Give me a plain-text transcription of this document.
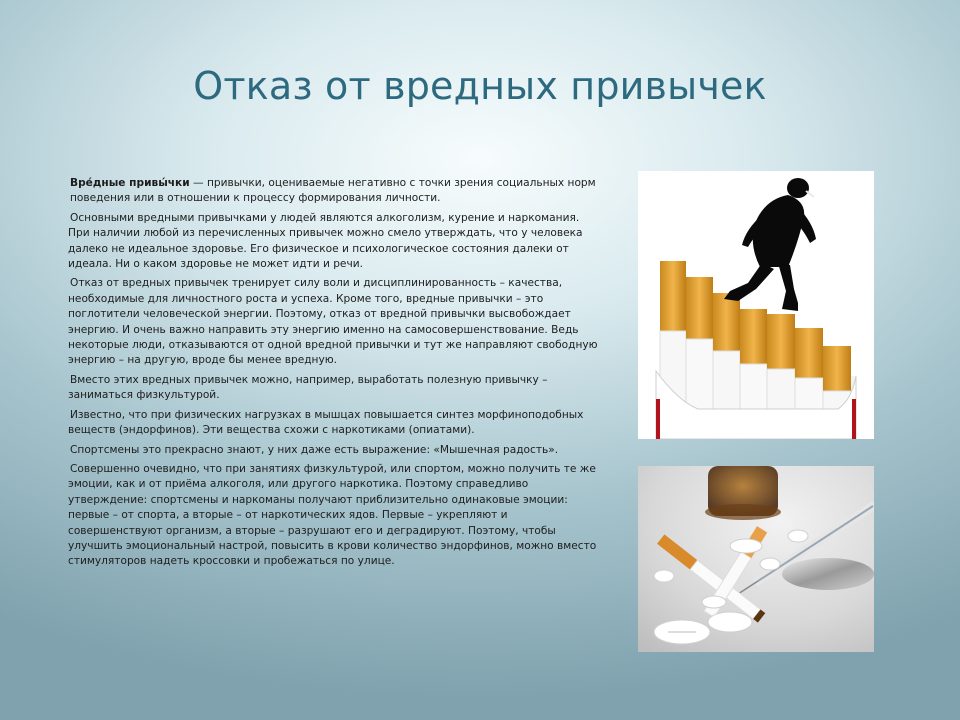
Отказ от вредных привычек

Вре́дные привы́чки — привычки, оцениваемые негативно с точки зрения социальных норм поведения или в отношении к процессу формирования личности.

Основными вредными привычками у людей являются алкоголизм, курение и наркомания. При наличии любой из перечисленных привычек можно смело утверждать, что у человека далеко не идеальное здоровье. Его физическое и психологическое состояния далеки от идеала. Ни о каком здоровье не может идти и речи.

Отказ от вредных привычек тренирует силу воли и дисциплинированность – качества, необходимые для личностного роста и успеха. Кроме того, вредные привычки – это поглотители человеческой энергии. Поэтому, отказ от вредной привычки высвобождает энергию. И очень важно направить эту энергию именно на самосовершенствование. Ведь некоторые люди, отказываются от одной вредной привычки и тут же направляют свободную энергию – на другую, вроде бы менее вредную.

Вместо этих вредных привычек можно, например, выработать полезную привычку – заниматься физкультурой.

Известно, что при физических нагрузках в мышцах повышается синтез морфиноподобных веществ (эндорфинов). Эти вещества схожи с наркотиками (опиатами).

Спортсмены это прекрасно знают, у них даже есть выражение: «Мышечная радость».

Совершенно очевидно, что при занятиях физкультурой, или спортом, можно получить те же эмоции, как и от приёма алкоголя, или другого наркотика. Поэтому справедливо утверждение: спортсмены и наркоманы получают приблизительно одинаковые эмоции: первые – от спорта, а вторые – от наркотических ядов. Первые – укрепляют и совершенствуют организм, а вторые – разрушают его и деградируют. Поэтому, чтобы улучшить эмоциональный настрой, повысить в крови количество эндорфинов, можно вместо стимуляторов надеть кроссовки и пробежаться по улице.
